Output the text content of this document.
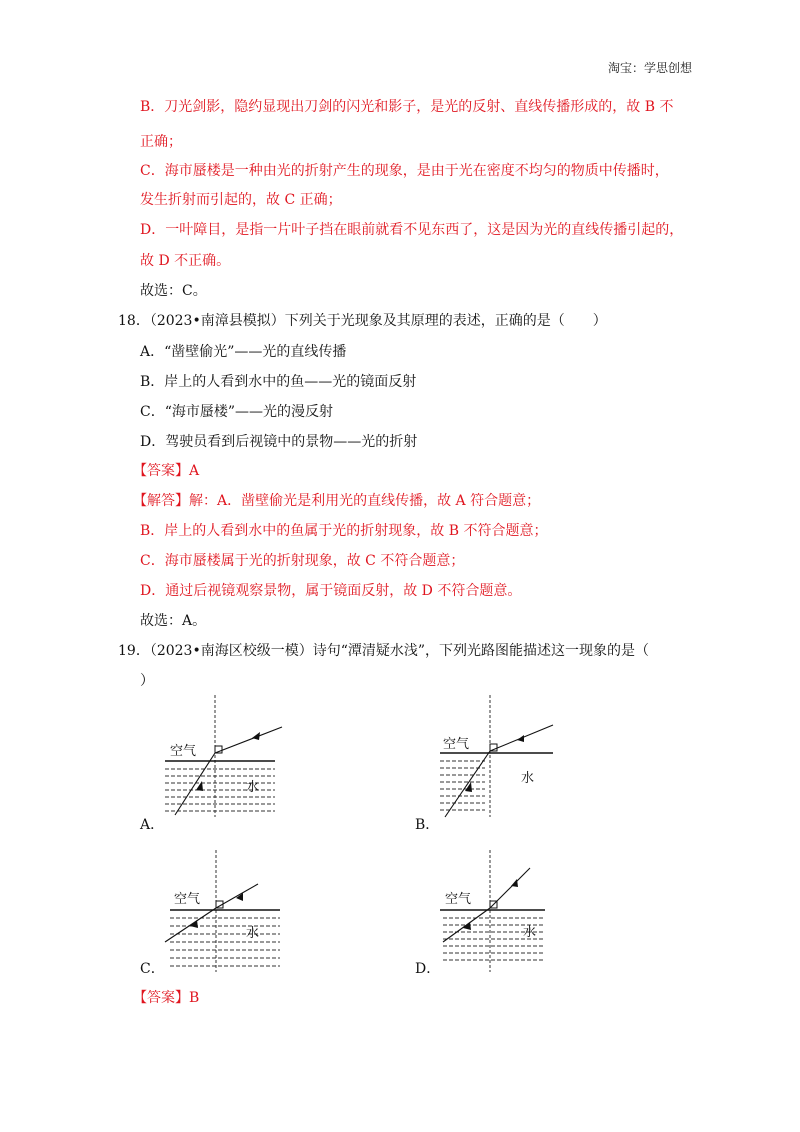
淘宝：学思创想
B．刀光剑影，隐约显现出刀剑的闪光和影子，是光的反射、直线传播形成的，故 B 不
正确；
C．海市蜃楼是一种由光的折射产生的现象，是由于光在密度不均匀的物质中传播时，
发生折射而引起的，故 C 正确；
D．一叶障目，是指一片叶子挡在眼前就看不见东西了，这是因为光的直线传播引起的，
故 D 不正确。
故选：C。
18．（2023•南漳县模拟）下列关于光现象及其原理的表述，正确的是（　　）
A．“凿壁偷光”——光的直线传播
B．岸上的人看到水中的鱼——光的镜面反射
C．“海市蜃楼”——光的漫反射
D．驾驶员看到后视镜中的景物——光的折射
【答案】A
【解答】解：A．凿壁偷光是利用光的直线传播，故 A 符合题意；
B．岸上的人看到水中的鱼属于光的折射现象，故 B 不符合题意；
C．海市蜃楼属于光的折射现象，故 C 不符合题意；
D．通过后视镜观察景物，属于镜面反射，故 D 不符合题意。
故选：A。
19．（2023•南海区校级一模）诗句“潭清疑水浅”，下列光路图能描述这一现象的是（
）
空气
水
A．
空气
水
B．
空气
水
C．
空气
水
D．
【答案】B
